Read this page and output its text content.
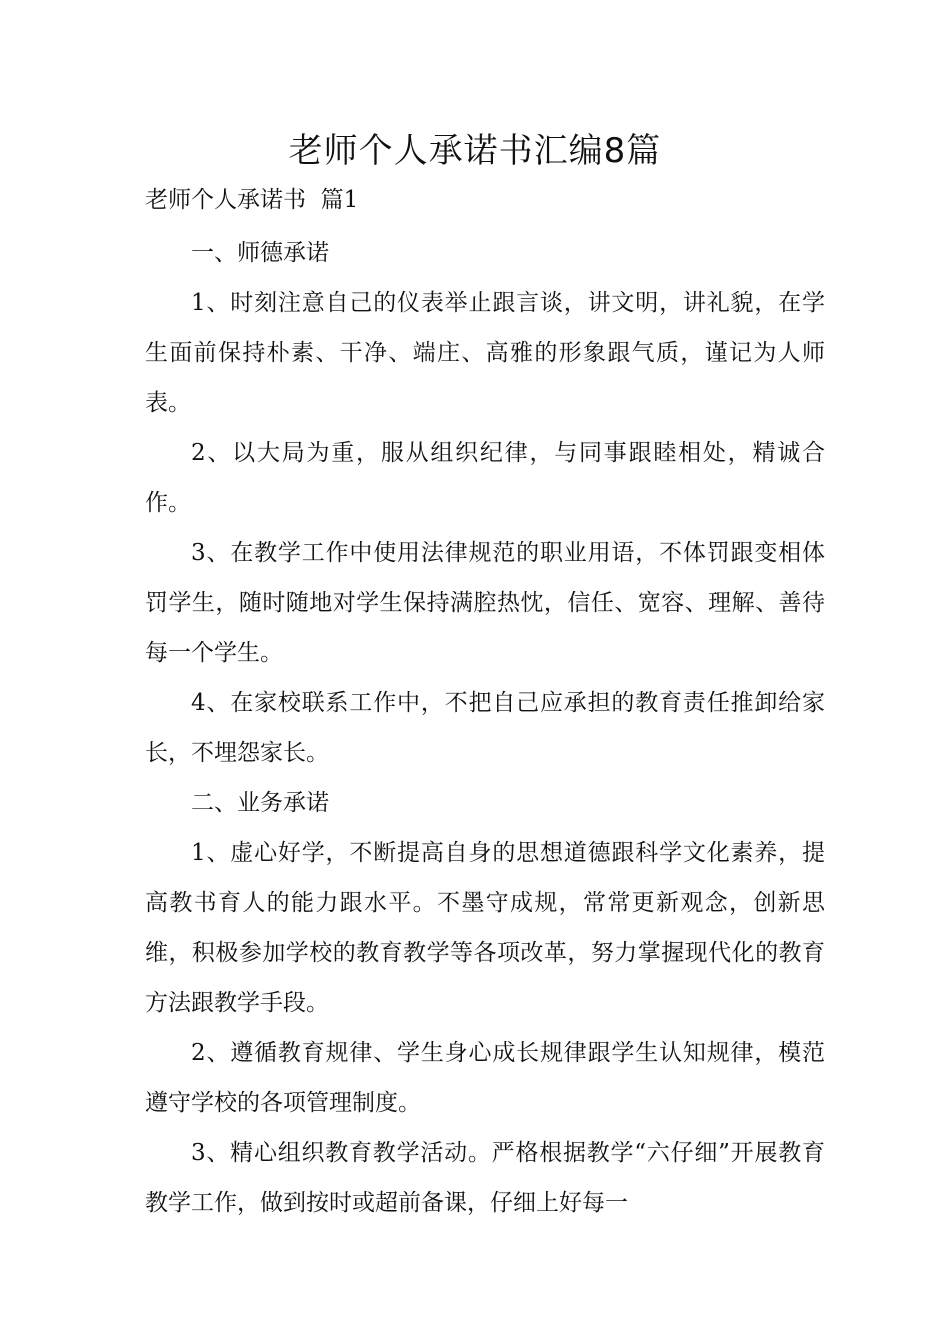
老师个人承诺书汇编8篇

老师个人承诺书  篇1

一、师德承诺

1、时刻注意自己的仪表举止跟言谈，讲文明，讲礼貌，在学生面前保持朴素、干净、端庄、高雅的形象跟气质，谨记为人师表。

2、以大局为重，服从组织纪律，与同事跟睦相处，精诚合作。

3、在教学工作中使用法律规范的职业用语，不体罚跟变相体罚学生，随时随地对学生保持满腔热忱，信任、宽容、理解、善待每一个学生。

4、在家校联系工作中，不把自己应承担的教育责任推卸给家长，不埋怨家长。

二、业务承诺

1、虚心好学，不断提高自身的思想道德跟科学文化素养，提高教书育人的能力跟水平。不墨守成规，常常更新观念，创新思维，积极参加学校的教育教学等各项改革，努力掌握现代化的教育方法跟教学手段。

2、遵循教育规律、学生身心成长规律跟学生认知规律，模范遵守学校的各项管理制度。

3、精心组织教育教学活动。严格根据教学“六仔细”开展教育教学工作，做到按时或超前备课，仔细上好每一
